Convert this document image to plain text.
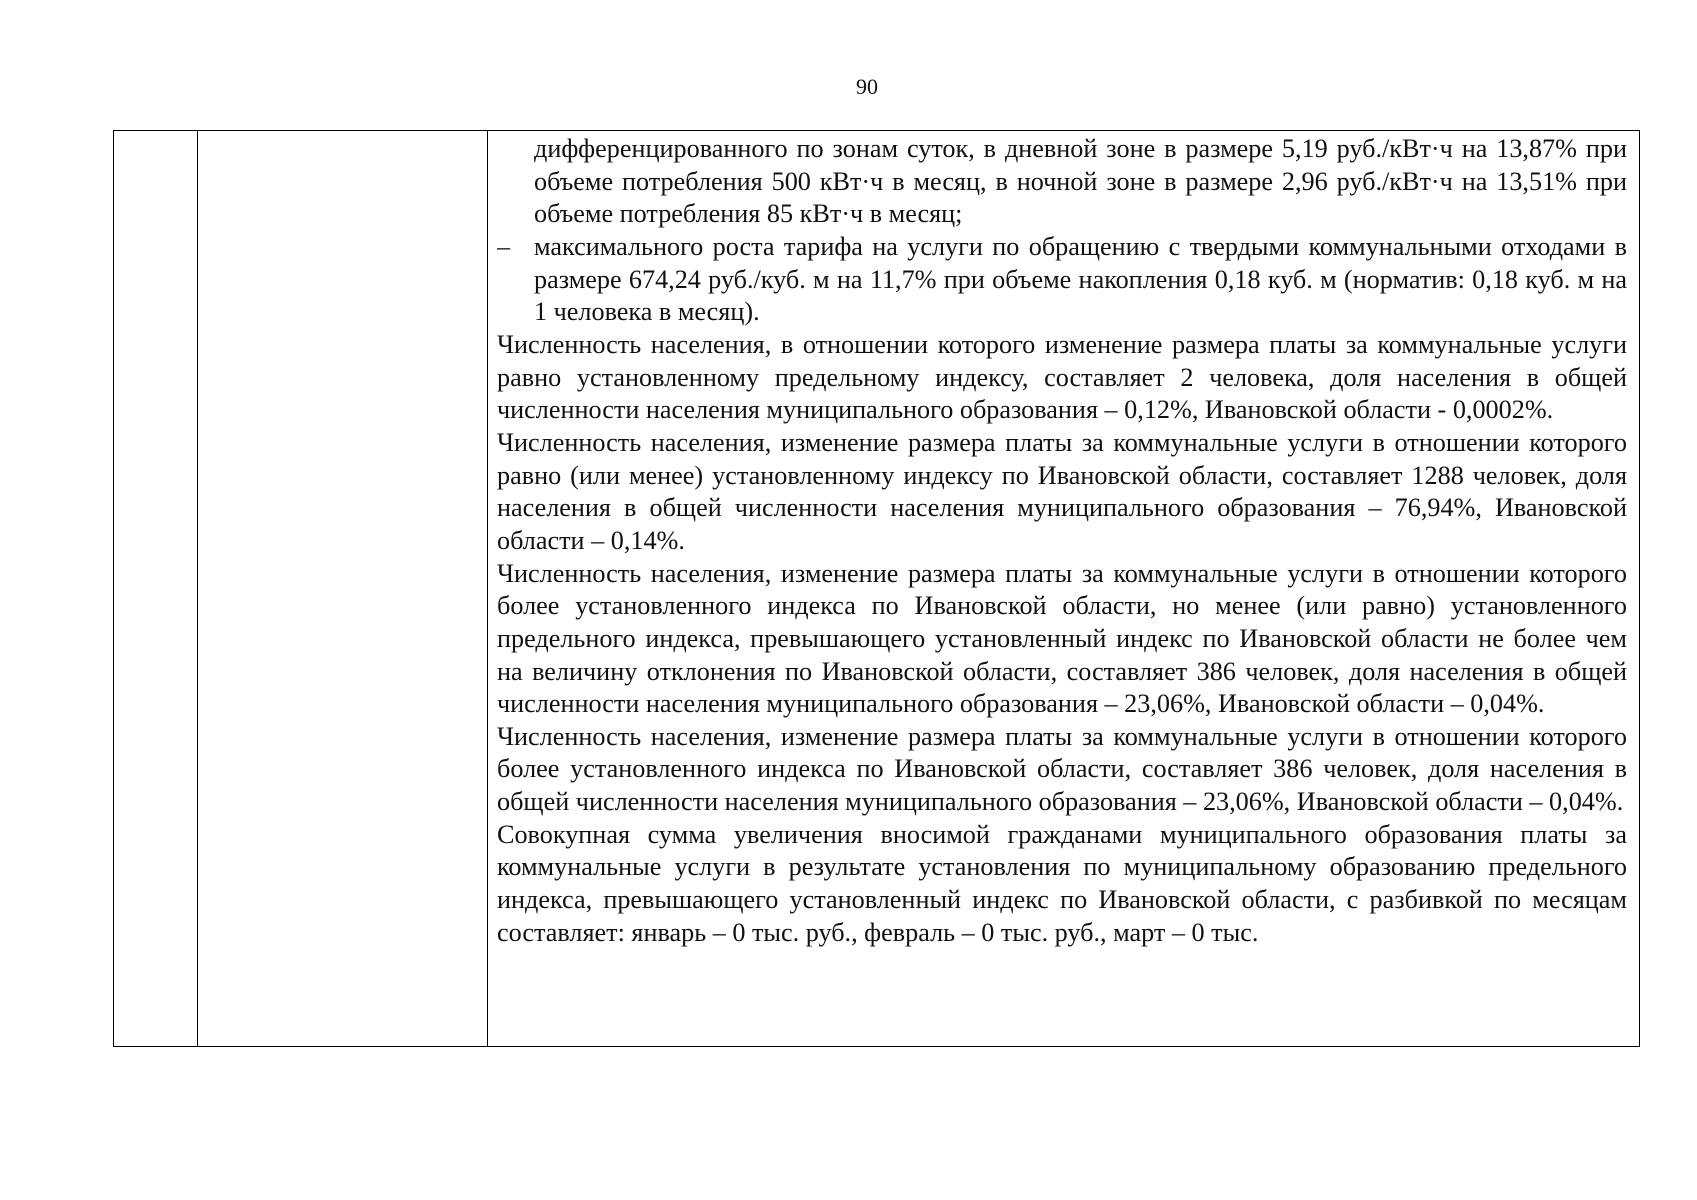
90

дифференцированного по зонам суток, в дневной зоне в размере 5,19 руб./кВт·ч на 13,87% при объеме потребления 500 кВт·ч в месяц, в ночной зоне в размере 2,96 руб./кВт·ч на 13,51% при объеме потребления 85 кВт·ч в месяц;

– максимального роста тарифа на услуги по обращению с твердыми коммунальными отходами в размере 674,24 руб./куб. м на 11,7% при объеме накопления 0,18 куб. м (норматив: 0,18 куб. м на 1 человека в месяц).

Численность населения, в отношении которого изменение размера платы за коммунальные услуги равно установленному предельному индексу, составляет 2 человека, доля населения в общей численности населения муниципального образования – 0,12%, Ивановской области - 0,0002%.

Численность населения, изменение размера платы за коммунальные услуги в отношении которого равно (или менее) установленному индексу по Ивановской области, составляет 1288 человек, доля населения в общей численности населения муниципального образования – 76,94%, Ивановской области – 0,14%.

Численность населения, изменение размера платы за коммунальные услуги в отношении которого более установленного индекса по Ивановской области, но менее (или равно) установленного предельного индекса, превышающего установленный индекс по Ивановской области не более чем на величину отклонения по Ивановской области, составляет 386 человек, доля населения в общей численности населения муниципального образования – 23,06%, Ивановской области – 0,04%.

Численность населения, изменение размера платы за коммунальные услуги в отношении которого более установленного индекса по Ивановской области, составляет 386 человек, доля населения в общей численности населения муниципального образования – 23,06%, Ивановской области – 0,04%.

Совокупная сумма увеличения вносимой гражданами муниципального образования платы за коммунальные услуги в результате установления по муниципальному образованию предельного индекса, превышающего установленный индекс по Ивановской области, с разбивкой по месяцам составляет: январь – 0 тыс. руб., февраль – 0 тыс. руб., март – 0 тыс.
